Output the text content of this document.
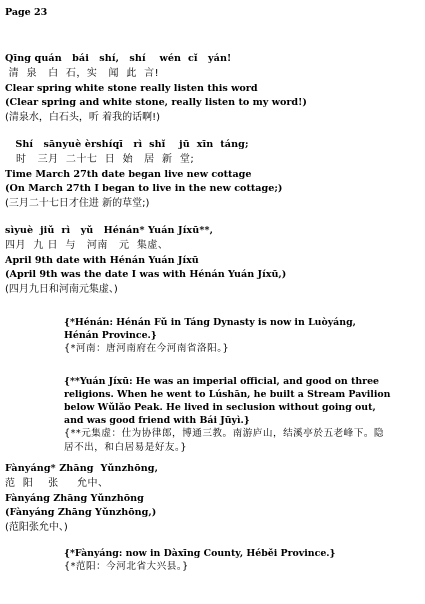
Page 23
Qīng quán   bái   shí,   shí    wén  cǐ   yán!
清  泉   白  石，实   闻  此  言!
Clear spring white stone really listen this word
(Clear spring and white stone, really listen to my word!)
(清泉水，白石头，听 着我的话啊!)
Shí   sānyuè èrshíqī   rì  shǐ    jū  xīn  táng;
时   三月  二十七  日  始   居  新  堂;
Time March 27th date began live new cottage
(On March 27th I began to live in the new cottage;)
(三月二十七日才住进 新的草堂;)
sìyuè  jiǔ  rì   yǔ   Hénán* Yuán Jíxū**,
四月  九 日  与   河南   元  集虚、
April 9th date with Hénán Yuán Jíxū
(April 9th was the date I was with Hénán Yuán Jíxū,)
(四月九日和河南元集虚、)
{*Hénán: Hénán Fǔ in Táng Dynasty is now in Luòyáng, Hénán Province.}
{*河南：唐河南府在今河南省洛阳。}
{**Yuán Jíxū: He was an imperial official, and good on three religions. When he went to Lúshān, he built a Stream Pavilion below Wǔlǎo Peak. He lived in seclusion without going out, and was good friend with Bái Jūyì.}
{**元集虚：仕为协律郎，博通三教。南游庐山，结溪亭於五老峰下。隐居不出，和白居易是好友。}
Fànyáng* Zhāng  Yǔnzhōng,
范  阳    张     允中、
Fànyáng Zhāng Yǔnzhōng
(Fànyáng Zhāng Yǔnzhōng,)
(范阳张允中、)
{*Fànyáng: now in Dàxīng County, Héběi Province.}
{*范阳：今河北省大兴县。}
